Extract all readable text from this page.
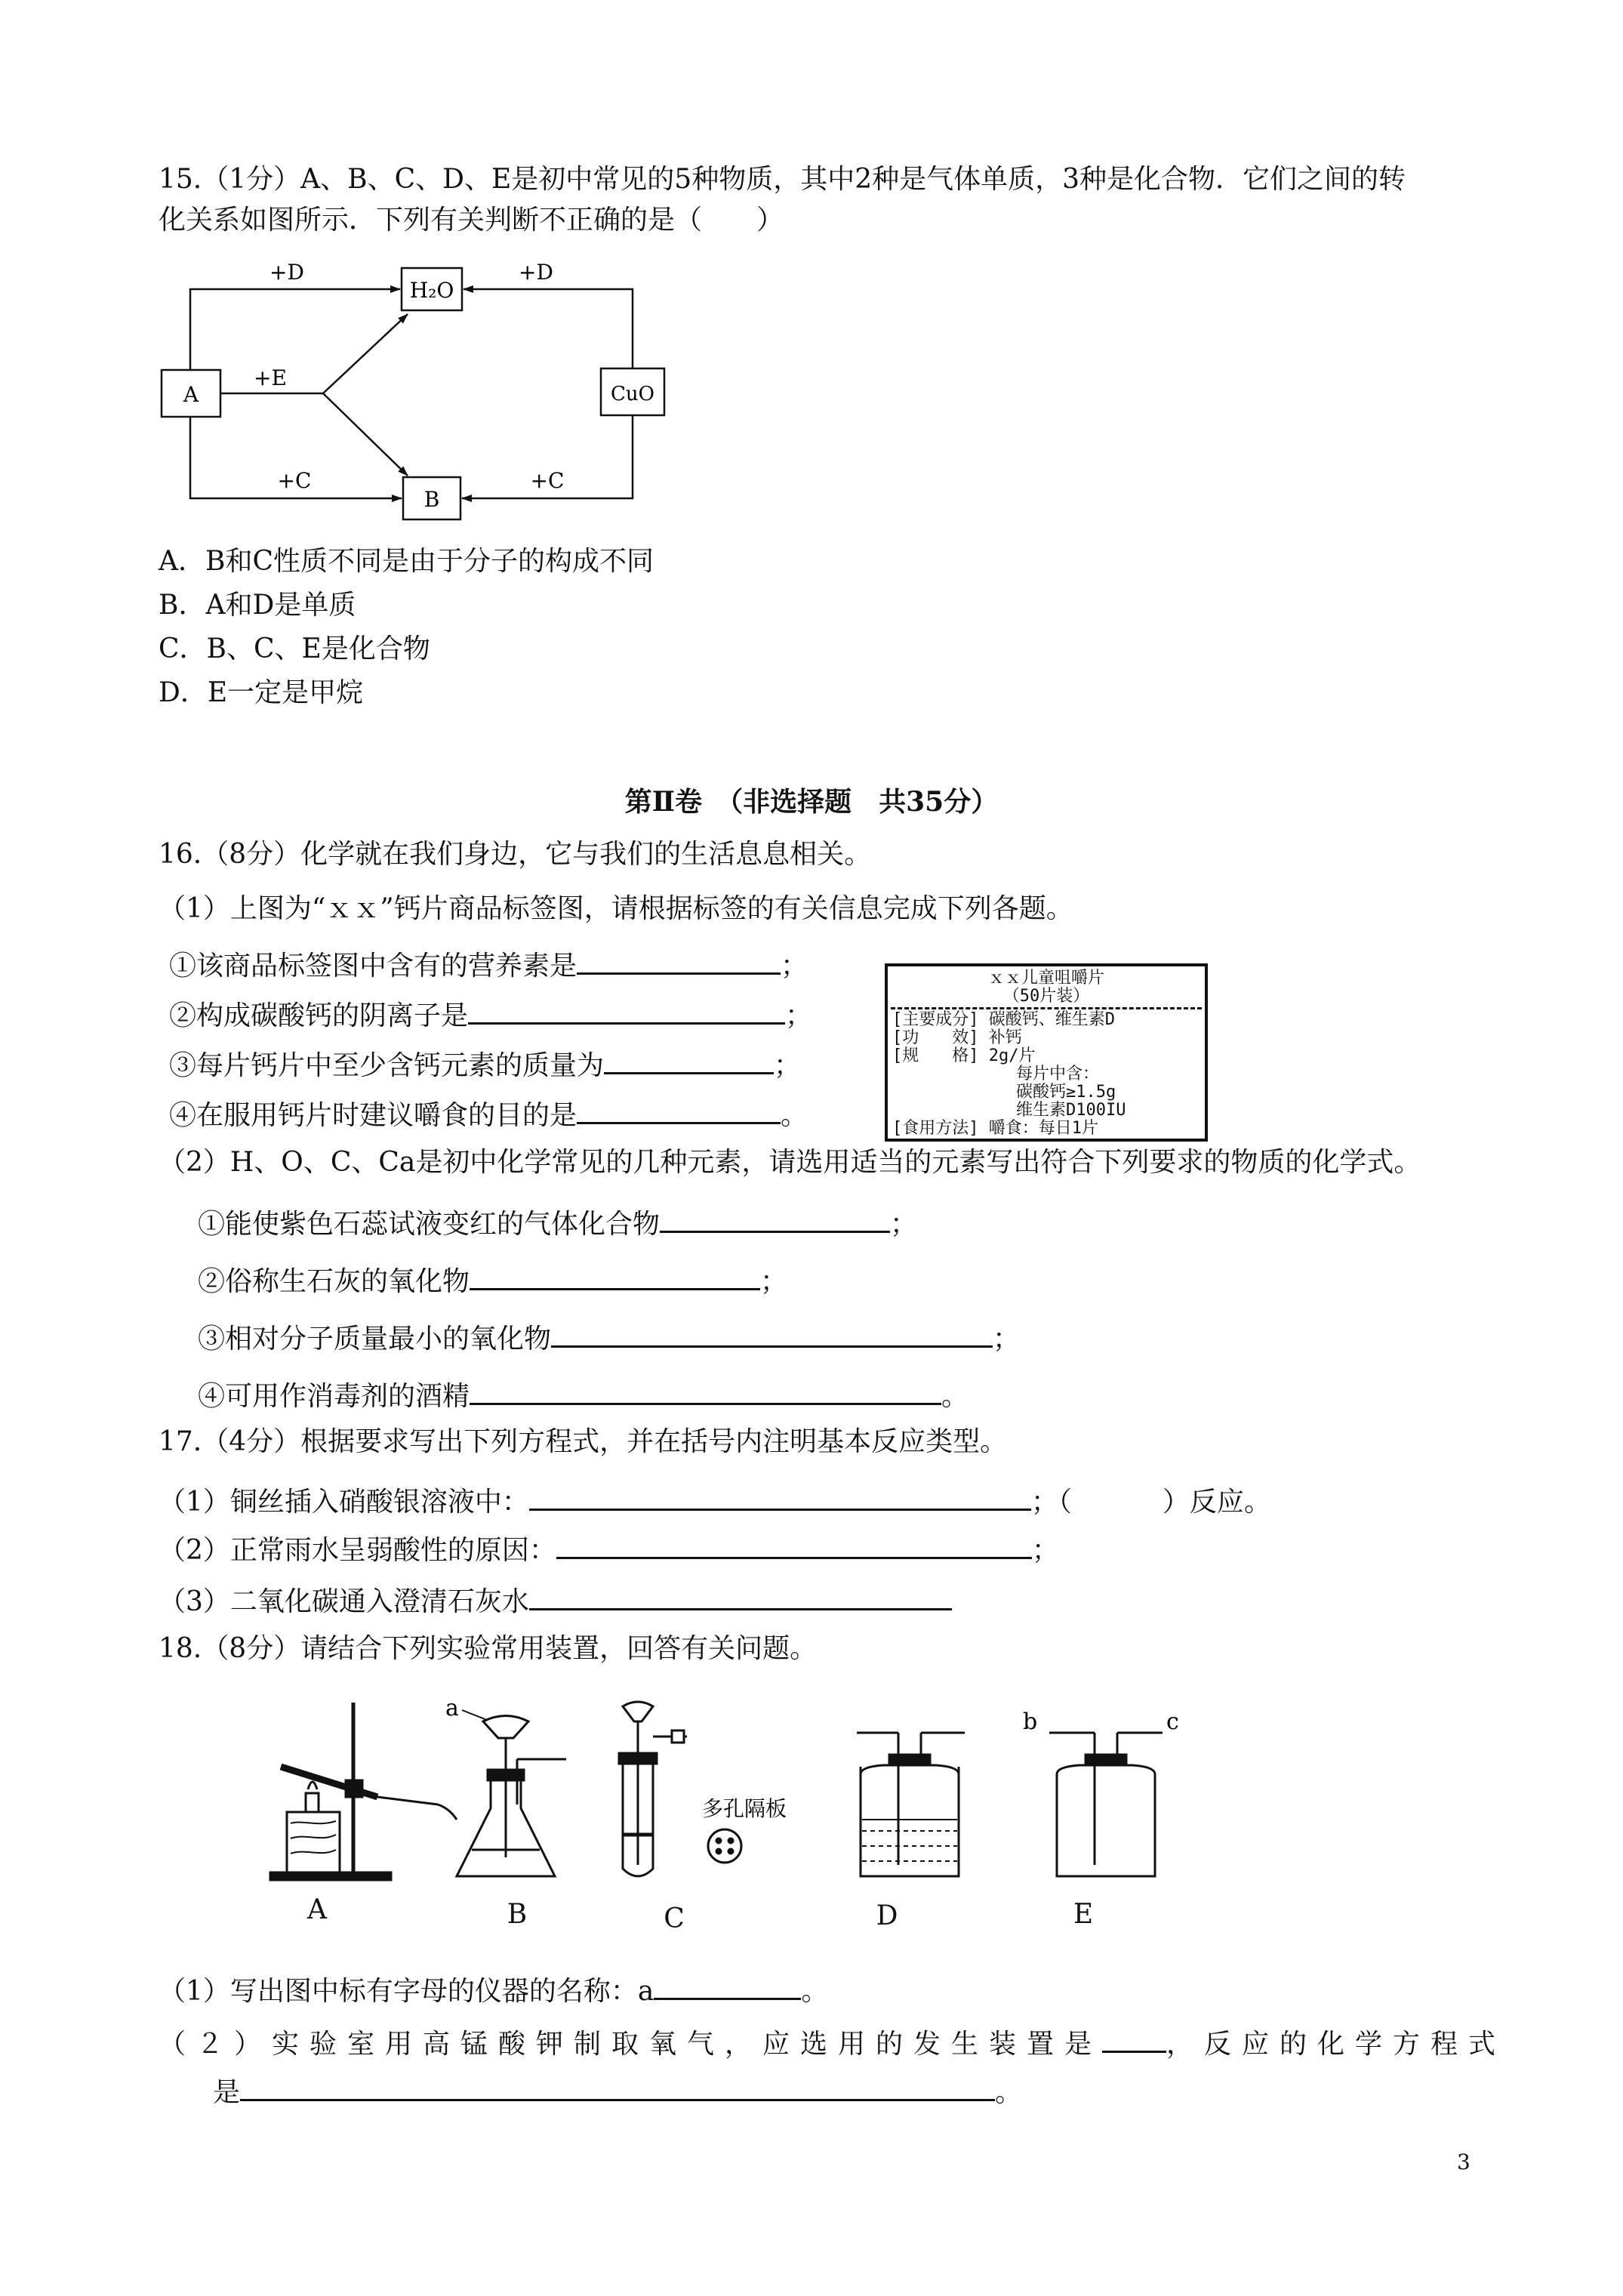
15.（1分）A、B、C、D、E是初中常见的5种物质，其中2种是气体单质，3种是化合物．它们之间的转
化关系如图所示．下列有关判断不正确的是（　　）
H₂O
A	CuO
B
+D	+D
+E
+C	+C
A．B和C性质不同是由于分子的构成不同
B．A和D是单质
C．B、C、E是化合物
D．E一定是甲烷
第Ⅱ卷　（非选择题　共35分）
16.（8分）化学就在我们身边，它与我们的生活息息相关。
（1）上图为“ｘｘ”钙片商品标签图，请根据标签的有关信息完成下列各题。
①该商品标签图中含有的营养素是	；
②构成碳酸钙的阴离子是	；
③每片钙片中至少含钙元素的质量为	；
④在服用钙片时建议嚼食的目的是	。
ｘｘ儿童咀嚼片
（50片装）
[主要成分] 碳酸钙、维生素D
[功　　效] 补钙
[规　　格] 2g/片
每片中含：
碳酸钙≥1.5g
维生素D100IU
[食用方法] 嚼食：每日1片
（2）H、O、C、Ca是初中化学常见的几种元素，请选用适当的元素写出符合下列要求的物质的化学式。
①能使紫色石蕊试液变红的气体化合物	；
②俗称生石灰的氧化物	；
③相对分子质量最小的氧化物	；
④可用作消毒剂的酒精	。
17.（4分）根据要求写出下列方程式，并在括号内注明基本反应类型。
（1）铜丝插入硝酸银溶液中：	；（	）反应。
（2）正常雨水呈弱酸性的原因：	；
（3）二氧化碳通入澄清石灰水
18.（8分）请结合下列实验常用装置，回答有关问题。
a
b	c
多孔隔板
A	B	C	D	E
（1）写出图中标有字母的仪器的名称：a	。
（２）实验室用高锰酸钾制取氧气，应选用的发生装置是 ，反应的化学方程式
是	。
3
